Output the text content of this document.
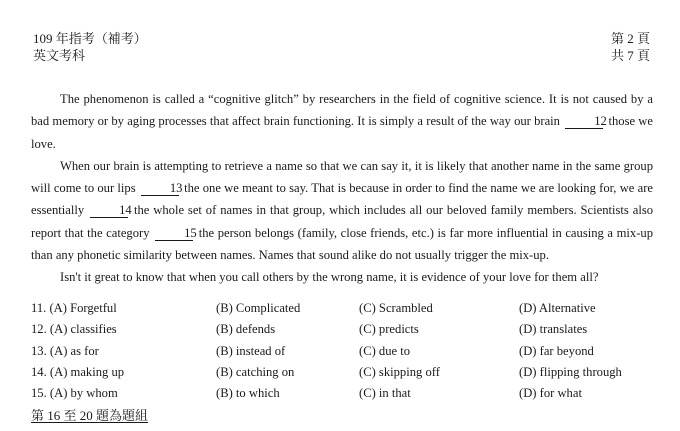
109 年指考（補考）
英文考科
第 2 頁
共 7 頁

The phenomenon is called a “cognitive glitch” by researchers in the field of cognitive science. It is not caused by a bad memory or by aging processes that affect brain functioning. It is simply a result of the way our brain	12 those we love.

When our brain is attempting to retrieve a name so that we can say it, it is likely that another name in the same group will come to our lips	13 the one we meant to say. That is because in order to find the name we are looking for, we are essentially	14 the whole set of names in that group, which includes all our beloved family members. Scientists also report that the category	15 the person belongs (family, close friends, etc.) is far more influential in causing a mix-up than any phonetic similarity between names. Names that sound alike do not usually trigger the mix-up.

Isn't it great to know that when you call others by the wrong name, it is evidence of your love for them all?

11. (A) Forgetful	(B) Complicated	(C) Scrambled	(D) Alternative
12. (A) classifies	(B) defends	(C) predicts	(D) translates
13. (A) as for	(B) instead of	(C) due to	(D) far beyond
14. (A) making up	(B) catching on	(C) skipping off	(D) flipping through
15. (A) by whom	(B) to which	(C) in that	(D) for what
第 16 至 20 題為題組
